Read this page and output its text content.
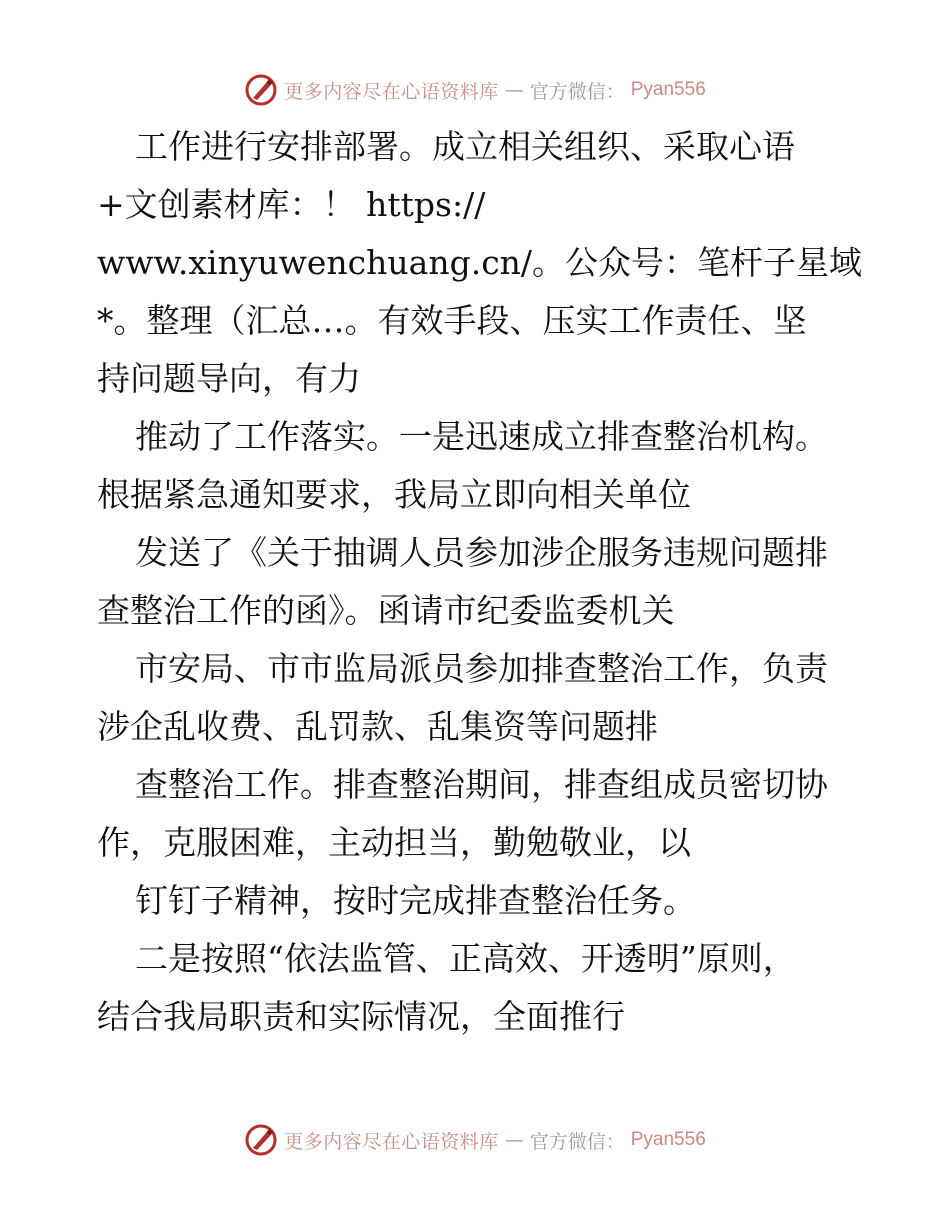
更多内容尽在心语资料库 — 官方微信： Pyan556
工作进行安排部署。成立相关组织、采取心语
+文创素材库：！ https://
www.xinyuwenchuang.cn/。公众号：笔杆子星域
*。整理（汇总…。有效手段、压实工作责任、坚
持问题导向，有力
推动了工作落实。一是迅速成立排查整治机构。
根据紧急通知要求，我局立即向相关单位
发送了《关于抽调人员参加涉企服务违规问题排
查整治工作的函》。函请市纪委监委机关
市安局、市市监局派员参加排查整治工作，负责
涉企乱收费、乱罚款、乱集资等问题排
查整治工作。排查整治期间，排查组成员密切协
作，克服困难，主动担当，勤勉敬业，以
钉钉子精神，按时完成排查整治任务。
二是按照“依法监管、正高效、开透明”原则，
结合我局职责和实际情况，全面推行
更多内容尽在心语资料库 — 官方微信： Pyan556
